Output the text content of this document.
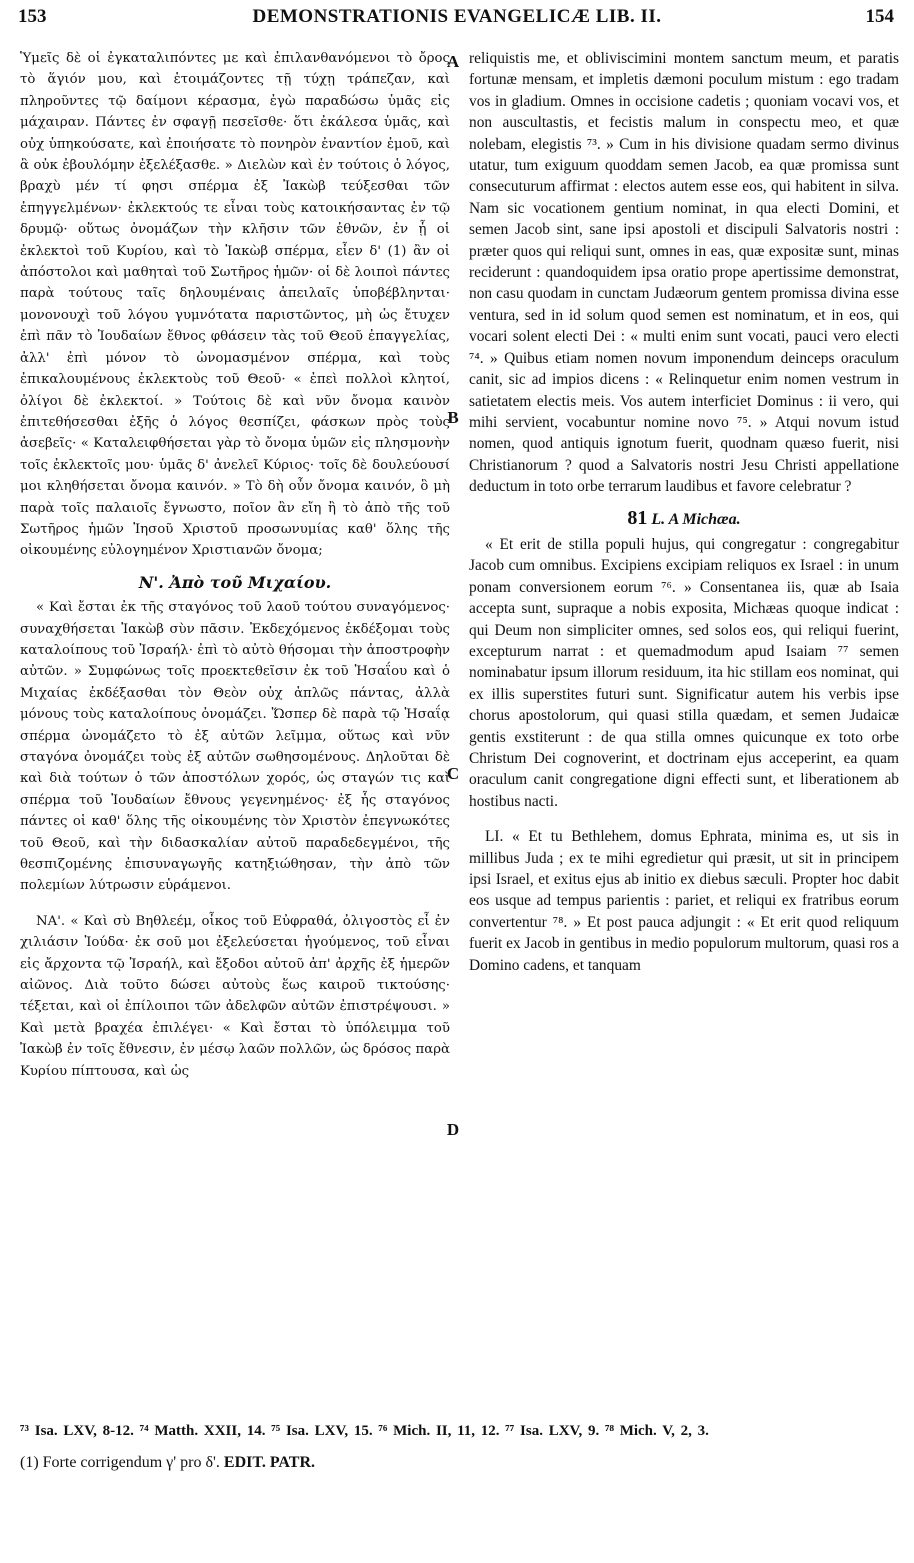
153	DEMONSTRATIONIS EVANGELICÆ LIB. II.	154

Ὑμεῖς δὲ οἱ ἐγκαταλιπόντες με καὶ ἐπιλανθανόμενοι τὸ ὄρος τὸ ἅγιόν μου, καὶ ἑτοιμάζοντες τῇ τύχῃ τράπεζαν, καὶ πληροῦντες τῷ δαίμονι κέρασμα, ἐγὼ παραδώσω ὑμᾶς εἰς μάχαιραν. Πάντες ἐν σφαγῇ πεσεῖσθε· ὅτι ἐκάλεσα ὑμᾶς, καὶ οὐχ ὑπηκούσατε, καὶ ἐποιήσατε τὸ πονηρὸν ἐναντίον ἐμοῦ, καὶ ἃ οὐκ ἐβουλόμην ἐξελέξασθε. » Διελὼν καὶ ἐν τούτοις ὁ λόγος, βραχὺ μέν τί φησι σπέρμα ἐξ Ἰακὼβ τεύξεσθαι τῶν ἐπηγγελμένων· ἐκλεκτούς τε εἶναι τοὺς κατοικήσαντας ἐν τῷ δρυμῷ· οὕτως ὀνομάζων τὴν κλῆσιν τῶν ἐθνῶν, ἐν ᾗ οἱ ἐκλεκτοὶ τοῦ Κυρίου, καὶ τὸ Ἰακὼβ σπέρμα, εἶεν δ' (1) ἂν οἱ ἀπόστολοι καὶ μαθηταὶ τοῦ Σωτῆρος ἡμῶν· οἱ δὲ λοιποὶ πάντες παρὰ τούτους ταῖς δηλουμέναις ἀπειλαῖς ὑποβέβληνται· μονονουχὶ τοῦ λόγου γυμνότατα παριστῶντος, μὴ ὡς ἔτυχεν ἐπὶ πᾶν τὸ Ἰουδαίων ἔθνος φθάσειν τὰς τοῦ Θεοῦ ἐπαγγελίας, ἀλλ' ἐπὶ μόνον τὸ ὠνομασμένον σπέρμα, καὶ τοὺς ἐπικαλουμένους ἐκλεκτοὺς τοῦ Θεοῦ· « ἐπεὶ πολλοὶ κλητοί, ὀλίγοι δὲ ἐκλεκτοί. » Τούτοις δὲ καὶ νῦν ὄνομα καινὸν ἐπιτεθήσεσθαι ἐξῆς ὁ λόγος θεσπίζει, φάσκων πρὸς τοὺς ἀσεβεῖς· « Καταλειφθήσεται γὰρ τὸ ὄνομα ὑμῶν εἰς πλησμονὴν τοῖς ἐκλεκτοῖς μου· ὑμᾶς δ' ἀνελεῖ Κύριος· τοῖς δὲ δουλεύουσί μοι κληθήσεται ὄνομα καινόν. » Τὸ δὴ οὖν ὄνομα καινόν, ὃ μὴ παρὰ τοῖς παλαιοῖς ἔγνωστο, ποῖον ἂν εἴη ἢ τὸ ἀπὸ τῆς τοῦ Σωτῆρος ἡμῶν Ἰησοῦ Χριστοῦ προσωνυμίας καθ' ὅλης τῆς οἰκουμένης εὐλογημένον Χριστιανῶν ὄνομα;

Ν'. Ἀπὸ τοῦ Μιχαίου.

« Καὶ ἔσται ἐκ τῆς σταγόνος τοῦ λαοῦ τούτου συναγόμενος· συναχθήσεται Ἰακὼβ σὺν πᾶσιν. Ἐκδεχόμενος ἐκδέξομαι τοὺς καταλοίπους τοῦ Ἰσραήλ· ἐπὶ τὸ αὐτὸ θήσομαι τὴν ἀποστροφὴν αὐτῶν. » Συμφώνως τοῖς προεκτεθεῖσιν ἐκ τοῦ Ἡσαΐου καὶ ὁ Μιχαίας ἐκδέξασθαι τὸν Θεὸν οὐχ ἁπλῶς πάντας, ἀλλὰ μόνους τοὺς καταλοίπους ὀνομάζει. Ὥσπερ δὲ παρὰ τῷ Ἡσαΐᾳ σπέρμα ὠνομάζετο τὸ ἐξ αὐτῶν λεῖμμα, οὕτως καὶ νῦν σταγόνα ὀνομάζει τοὺς ἐξ αὐτῶν σωθησομένους. Δηλοῦται δὲ καὶ διὰ τούτων ὁ τῶν ἀποστόλων χορός, ὡς σταγών τις καὶ σπέρμα τοῦ Ἰουδαίων ἔθνους γεγενημένος· ἐξ ἧς σταγόνος πάντες οἱ καθ' ὅλης τῆς οἰκουμένης τὸν Χριστὸν ἐπεγνωκότες τοῦ Θεοῦ, καὶ τὴν διδασκαλίαν αὐτοῦ παραδεδεγμένοι, τῆς θεσπιζομένης ἐπισυναγωγῆς κατηξιώθησαν, τὴν ἀπὸ τῶν πολεμίων λύτρωσιν εὑράμενοι.

ΝΑ'. « Καὶ σὺ Βηθλεέμ, οἶκος τοῦ Εὐφραθά, ὀλιγοστὸς εἶ ἐν χιλιάσιν Ἰούδα· ἐκ σοῦ μοι ἐξελεύσεται ἡγούμενος, τοῦ εἶναι εἰς ἄρχοντα τῷ Ἰσραήλ, καὶ ἔξοδοι αὐτοῦ ἀπ' ἀρχῆς ἐξ ἡμερῶν αἰῶνος. Διὰ τοῦτο δώσει αὐτοὺς ἕως καιροῦ τικτούσης· τέξεται, καὶ οἱ ἐπίλοιποι τῶν ἀδελφῶν αὐτῶν ἐπιστρέψουσι. » Καὶ μετὰ βραχέα ἐπιλέγει· « Καὶ ἔσται τὸ ὑπόλειμμα τοῦ Ἰακὼβ ἐν τοῖς ἔθνεσιν, ἐν μέσῳ λαῶν πολλῶν, ὡς δρόσος παρὰ Κυρίου πίπτουσα, καὶ ὡς

A
B
C
D

reliquistis me, et obliviscimini montem sanctum meum, et paratis fortunæ mensam, et impletis dæmoni poculum mistum : ego tradam vos in gladium. Omnes in occisione cadetis ; quoniam vocavi vos, et non auscultastis, et fecistis malum in conspectu meo, et quæ nolebam, elegistis ⁷³. » Cum in his divisione quadam sermo divinus utatur, tum exiguum quoddam semen Jacob, ea quæ promissa sunt consecuturum affirmat : electos autem esse eos, qui habitent in silva. Nam sic vocationem gentium nominat, in qua electi Domini, et semen Jacob sint, sane ipsi apostoli et discipuli Salvatoris nostri : præter quos qui reliqui sunt, omnes in eas, quæ expositæ sunt, minas reciderunt : quandoquidem ipsa oratio prope apertissime demonstrat, non casu quodam in cunctam Judæorum gentem promissa divina esse ventura, sed in id solum quod semen est nominatum, et in eos, qui vocari solent electi Dei : « multi enim sunt vocati, pauci vero electi ⁷⁴. » Quibus etiam nomen novum imponendum deinceps oraculum canit, sic ad impios dicens : « Relinquetur enim nomen vestrum in satietatem electis meis. Vos autem interficiet Dominus : ii vero, qui mihi servient, vocabuntur nomine novo ⁷⁵. » Atqui novum istud nomen, quod antiquis ignotum fuerit, quodnam quæso fuerit, nisi Christianorum ? quod a Salvatoris nostri Jesu Christi appellatione deductum in toto orbe terrarum laudibus et favore celebratur ?

81 L. A Michæa.

« Et erit de stilla populi hujus, qui congregatur : congregabitur Jacob cum omnibus. Excipiens excipiam reliquos ex Israel : in unum ponam conversionem eorum ⁷⁶. » Consentanea iis, quæ ab Isaia accepta sunt, supraque a nobis exposita, Michæas quoque indicat : qui Deum non simpliciter omnes, sed solos eos, qui reliqui fuerint, excepturum narrat : et quemadmodum apud Isaiam ⁷⁷ semen nominabatur ipsum illorum residuum, ita hic stillam eos nominat, qui ex illis superstites futuri sunt. Significatur autem his verbis ipse chorus apostolorum, qui quasi stilla quædam, et semen Judaicæ gentis exstiterunt : de qua stilla omnes quicunque ex toto orbe Christum Dei cognoverint, et doctrinam ejus acceperint, ea quam oraculum canit congregatione digni effecti sunt, et liberationem ab hostibus nacti.

LI. « Et tu Bethlehem, domus Ephrata, minima es, ut sis in millibus Juda ; ex te mihi egredietur qui præsit, ut sit in principem ipsi Israel, et exitus ejus ab initio ex diebus sæculi. Propter hoc dabit eos usque ad tempus parientis : pariet, et reliqui ex fratribus eorum convertentur ⁷⁸. » Et post pauca adjungit : « Et erit quod reliquum fuerit ex Jacob in gentibus in medio populorum multorum, quasi ros a Domino cadens, et tanquam

⁷³ Isa. LXV, 8-12. ⁷⁴ Matth. XXII, 14. ⁷⁵ Isa. LXV, 15. ⁷⁶ Mich. II, 11, 12. ⁷⁷ Isa. LXV, 9. ⁷⁸ Mich. V, 2, 3.
(1) Forte corrigendum γ' pro δ'. EDIT. PATR.
